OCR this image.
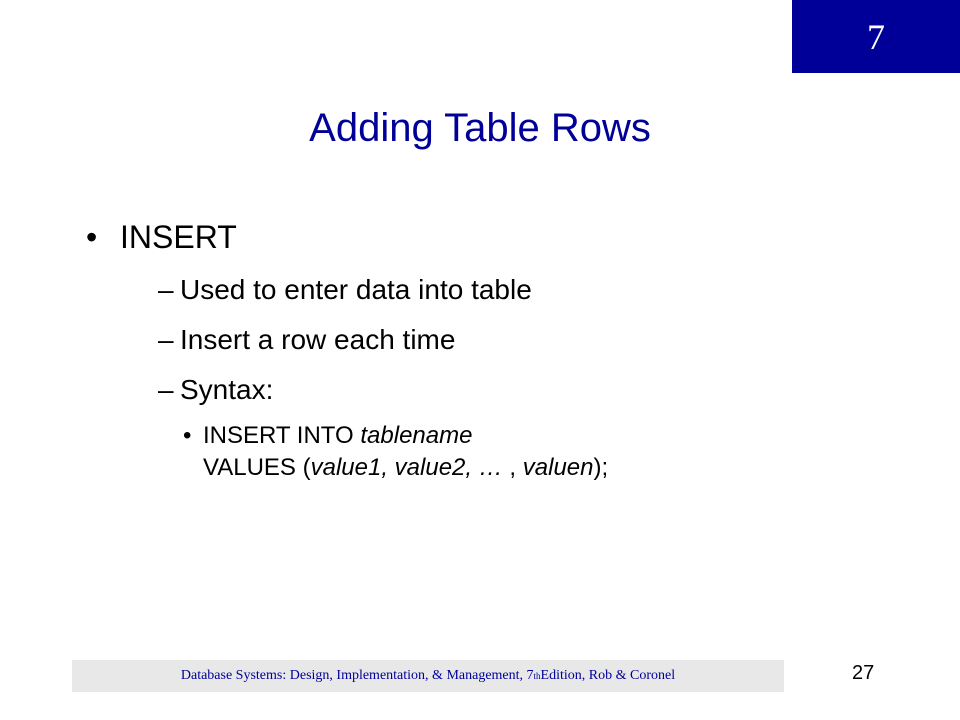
7
Adding Table Rows
• INSERT
– Used to enter data into table
– Insert a row each time
– Syntax:
• INSERT INTO tablename
VALUES (value1, value2, … , valuen);
Database Systems: Design, Implementation, & Management, 7 th Edition, Rob & Coronel	27
